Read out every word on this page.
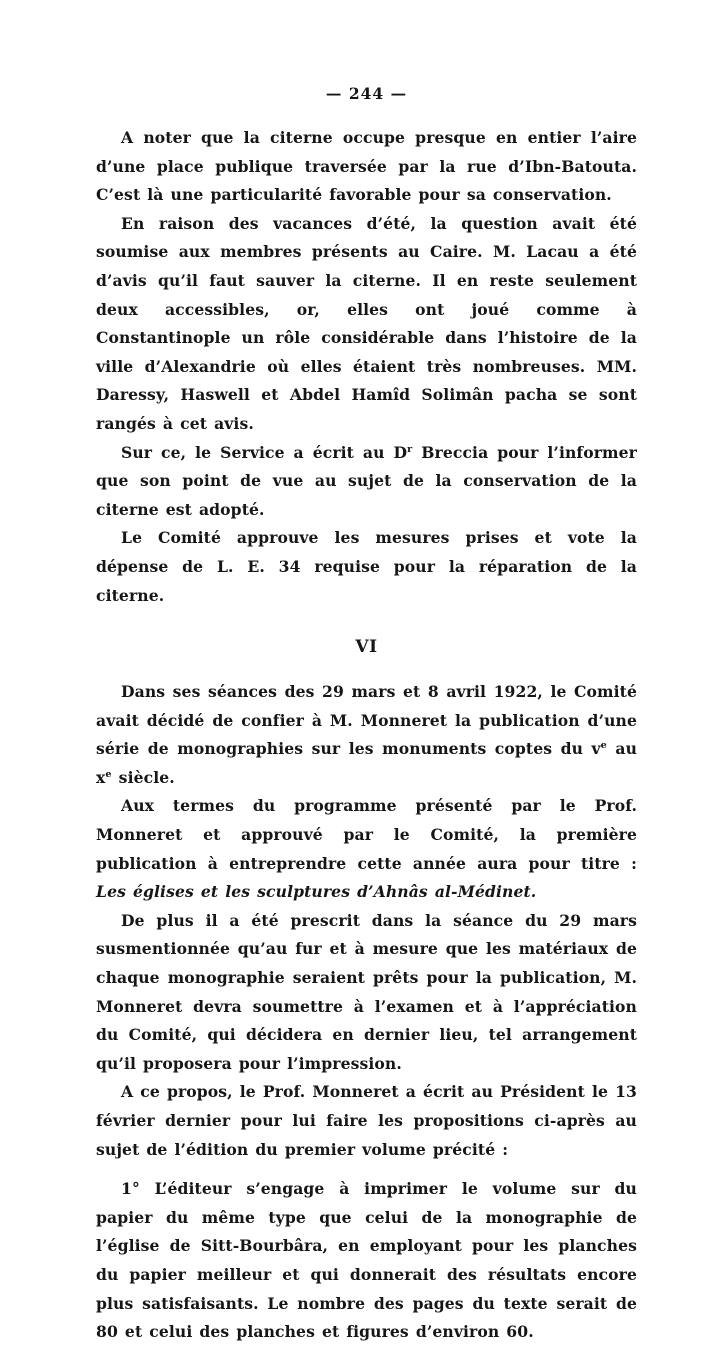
— 244 —

A noter que la citerne occupe presque en entier l’aire d’une place publique traversée par la rue d’Ibn-Batouta. C’est là une particularité favorable pour sa conservation.

En raison des vacances d’été, la question avait été soumise aux membres présents au Caire. M. Lacau a été d’avis qu’il faut sauver la citerne. Il en reste seulement deux accessibles, or, elles ont joué comme à Constantinople un rôle considérable dans l’histoire de la ville d’Alexandrie où elles étaient très nombreuses. MM. Daressy, Haswell et Abdel Hamîd Solimân pacha se sont rangés à cet avis.

Sur ce, le Service a écrit au $D^r$ Breccia pour l’informer que son point de vue au sujet de la conservation de la citerne est adopté.

Le Comité approuve les mesures prises et vote la dépense de L. E. 34 requise pour la réparation de la citerne.

VI

Dans ses séances des 29 mars et 8 avril 1922, le Comité avait décidé de confier à M. Monneret la publication d’une série de monographies sur les monuments coptes du $v^e$ au $x^e$ siècle.

Aux termes du programme présenté par le Prof. Monneret et approuvé par le Comité, la première publication à entreprendre cette année aura pour titre : Les églises et les sculptures d’Ahnâs al-Médinet.

De plus il a été prescrit dans la séance du 29 mars susmentionnée qu’au fur et à mesure que les matériaux de chaque monographie seraient prêts pour la publication, M. Monneret devra soumettre à l’examen et à l’appréciation du Comité, qui décidera en dernier lieu, tel arrangement qu’il proposera pour l’impression.

A ce propos, le Prof. Monneret a écrit au Président le 13 février dernier pour lui faire les propositions ci-après au sujet de l’édition du premier volume précité :

1° L’éditeur s’engage à imprimer le volume sur du papier du même type que celui de la monographie de l’église de Sitt-Bourbâra, en employant pour les planches du papier meilleur et qui donnerait des résultats encore plus satisfaisants. Le nombre des pages du texte serait de 80 et celui des planches et figures d’environ 60.
